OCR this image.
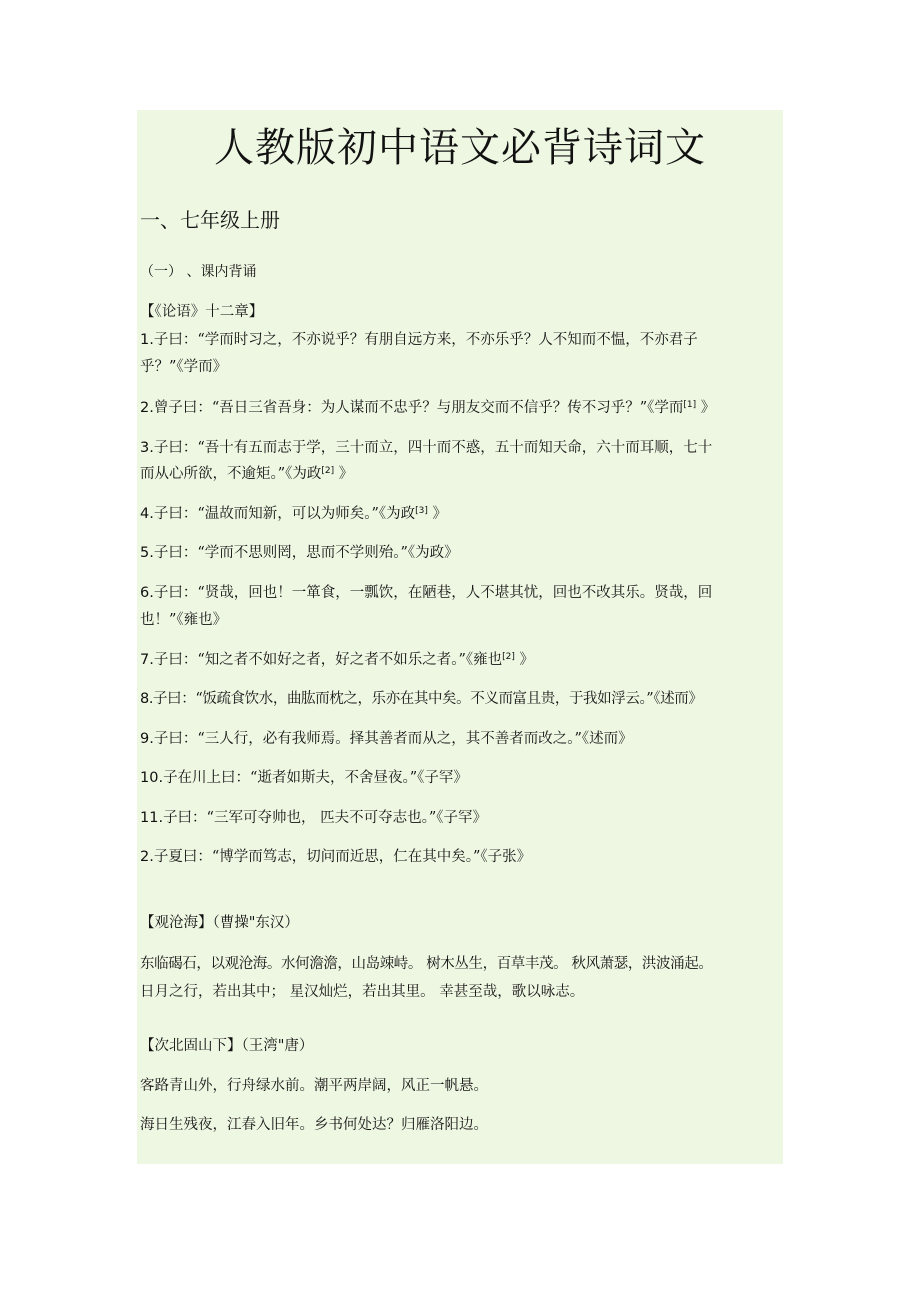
人教版初中语文必背诗词文
一、七年级上册
（一） 、课内背诵
【《论语》十二章】
1.子曰：“学而时习之，不亦说乎？有朋自远方来，不亦乐乎？人不知而不愠，不亦君子
乎？”《学而》
2.曾子曰：“吾日三省吾身：为人谋而不忠乎？与朋友交而不信乎？传不习乎？”《学而[1] 》
3.子曰：“吾十有五而志于学，三十而立，四十而不惑，五十而知天命，六十而耳顺，七十
而从心所欲，不逾矩。”《为政[2] 》
4.子曰：“温故而知新，可以为师矣。”《为政[3] 》
5.子曰：“学而不思则罔，思而不学则殆。”《为政》
6.子曰：“贤哉，回也！一箪食，一瓢饮，在陋巷，人不堪其忧，回也不改其乐。贤哉，回
也！”《雍也》
7.子曰：“知之者不如好之者，好之者不如乐之者。”《雍也[2] 》
8.子曰：“饭疏食饮水，曲肱而枕之，乐亦在其中矣。不义而富且贵，于我如浮云。”《述而》
9.子曰：“三人行，必有我师焉。择其善者而从之，其不善者而改之。”《述而》
10.子在川上曰：“逝者如斯夫，不舍昼夜。”《子罕》
11.子曰：“三军可夺帅也， 匹夫不可夺志也。”《子罕》
2.子夏曰：“博学而笃志，切问而近思，仁在其中矣。”《子张》
【观沧海】（曹操"东汉）
东临碣石，以观沧海。水何澹澹，山岛竦峙。 树木丛生，百草丰茂。 秋风萧瑟，洪波涌起。
日月之行，若出其中； 星汉灿烂，若出其里。 幸甚至哉，歌以咏志。
【次北固山下】（王湾"唐）
客路青山外，行舟绿水前。潮平两岸阔，风正一帆悬。
海日生残夜，江春入旧年。乡书何处达？归雁洛阳边。
